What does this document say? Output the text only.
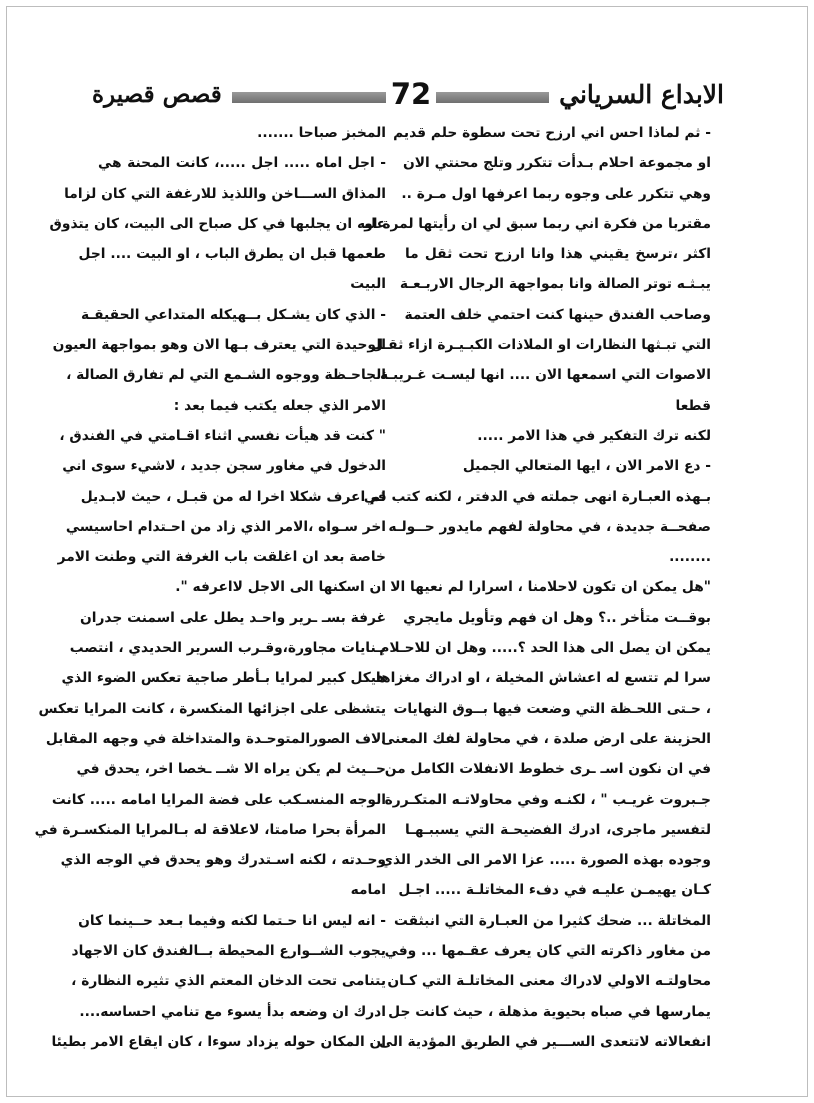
الابداع السرياني
72
قصص قصيرة
- ثم لماذا احس اني ارزح تحت سطوة حلم قديم
او مجموعة احلام بـدأت تتكرر وتلج محنتي الان
وهي تتكرر على وجوه ربما اعرفها اول مـرة ..
مقتربا من فكرة اني ربما سبق لي ان رأيتها لمرة او
اكثر ،ترسخ يقيني هذا وانا ارزح تحت ثقل ما
يبـثـه توتر الصالة وانا بمواجهة الرجال الاربـعـة
وصاحب الفندق حينها كنت احتمي خلف العتمة
التي تبـثها النظارات او الملاذات الكبـيـرة ازاء ثقـل
الاصوات التي اسمعها الان .... انها ليسـت غـريبـة
قطعا
لكنه ترك التفكير في هذا الامر .....
- دع الامر الان ، ايها المتعالي الجميل
بـهذه العبـارة انهى جملته في الدفتر ، لكنه كتب في
صفحــة جديدة ، في محاولة لفهم مايدور حــولـه
........
"هل يمكن ان تكون لاحلامنا ، اسرارا لم نعيها الا
بوقــت متأخر ..؟ وهل ان فهم وتأويل مايجري
يمكن ان يصل الى هذا الحد ؟..... وهل ان للاحـلام
سرا لم تتسع له اعشاش المخيلة ، او ادراك مغزاها
، حـتى اللحـظة التي وضعت فيها بــوق النهايات
الحزينة على ارض صلدة ، في محاولة لفك المعنى
في ان نكون اسـ ـرى خطوط الانفلات الكامل من
جـبروت غريـب " ، لكنـه وفي محاولاتـه المتكـررة
لتفسير ماجرى، ادرك الفضيحـة التي يسببـهـا
وجوده بهذه الصورة ..... عزا الامر الى الخدر الذي
كـان يهيمـن عليـه في دفء المخاتلـة ..... اجـل
المخاتلة ... ضحك كثيرا من العبـارة التي انبثقت
من مغاور ذاكرته التي كان يعرف عقـمها ... وفي
محاولتـه الاولي لادراك معنى المخاتلـة التي كـان
يمارسها في صباه بحيوية مذهلة ، حيث كانت جل
انفعالاته لاتتعدى الســـير في الطريق المؤدية الى
المخبز صباحا .......
- اجل اماه ..... اجل .....، كانت المحنة هي
المذاق الســـاخن واللذيذ للارغفة التي كان لزاما
عليه ان يجلبها في كل صباح الى البيت، كان يتذوق
طعمها قبل ان يطرق الباب ، او البيت .... اجل
البيت
- الذي كان يشـكل بــهيكله المتداعي الحقيقـة
الوحيدة التي يعترف بـها الان وهو بمواجهة العيون
الجاحـظة ووجوه الشـمع التي لم تفارق الصالة ،
الامر الذي جعله يكتب فيما بعد :
" كنت قد هيأت نفسي اثناء اقـامتي في الفندق ،
الدخول في مغاور سجن جديد ، لاشيء سوى اني
لم اعرف شكلا اخرا له من قبـل ، حيث لابـديل
اخر سـواه ،الامر الذي زاد من احـتدام احاسيسي
خاصة بعد ان اغلقت باب الغرفة التي وطنت الامر
ان اسكنها الى الاجل لااعرفه ".
غرفة بسـ ـرير واحـد يطل على اسمنت جدران
بـنايات مجاورة،وقـرب السرير الحديدي ، انتصب
هيكل كبير لمرايا بـأطر صاجية تعكس الضوء الذي
يتشظى على اجزائها المنكسرة ، كانت المرايا تعكس
الاف الصورالمتوحـدة والمتداخلة في وجهه المقابل
حــيث لم يكن يراه الا شــ ـخصا اخر، يحدق في
الوجه المنسـكب على فضة المرايا امامه ..... كانت
المرأة بحرا صامتا، لاعلاقة له بـالمرايا المنكسـرة في
وحـدته ، لكنه اسـتدرك وهو يحدق في الوجه الذي
امامه
- انه ليس انا حـتما لكنه وفيما بـعد حــينما كان
يجوب الشــوارع المحيطة بــالفندق كان الاجهاد
يتنامى تحت الدخان المعتم الذي تثيره النظارة ،
ادرك ان وضعه بدأ يسوء مع تنامي احساسه....
ان المكان حوله يزداد سوءا ، كان ايقاع الامر بطيئا
